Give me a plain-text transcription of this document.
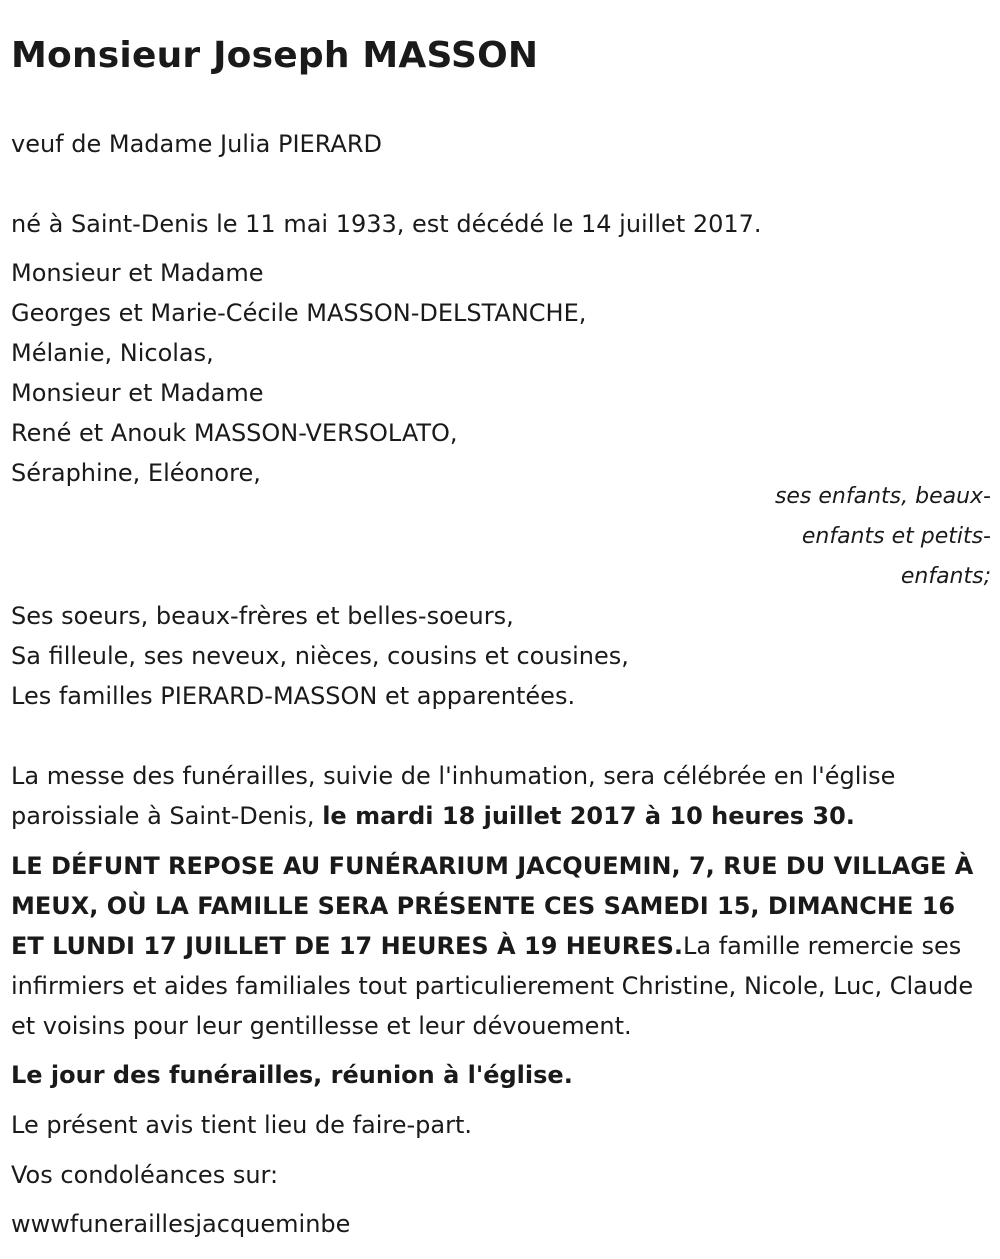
Monsieur Joseph MASSON
veuf de Madame Julia PIERARD
né à Saint-Denis le 11 mai 1933, est décédé le 14 juillet 2017.
Monsieur et Madame
Georges et Marie-Cécile MASSON-DELSTANCHE,
Mélanie, Nicolas,
Monsieur et Madame
René et Anouk MASSON-VERSOLATO,
Séraphine, Eléonore,
ses enfants, beaux-
enfants et petits-
enfants;
Ses soeurs, beaux-frères et belles-soeurs,
Sa filleule, ses neveux, nièces, cousins et cousines,
Les familles PIERARD-MASSON et apparentées.
La messe des funérailles, suivie de l'inhumation, sera célébrée en l'église paroissiale à Saint-Denis, le mardi 18 juillet 2017 à 10 heures 30.
LE DÉFUNT REPOSE AU FUNÉRARIUM JACQUEMIN, 7, RUE DU VILLAGE À MEUX, OÙ LA FAMILLE SERA PRÉSENTE CES SAMEDI 15, DIMANCHE 16 ET LUNDI 17 JUILLET DE 17 HEURES À 19 HEURES.La famille remercie ses infirmiers et aides familiales tout particulierement Christine, Nicole, Luc, Claude et voisins pour leur gentillesse et leur dévouement.
Le jour des funérailles, réunion à l'église.
Le présent avis tient lieu de faire-part.
Vos condoléances sur:
wwwfuneraillesjacqueminbe
